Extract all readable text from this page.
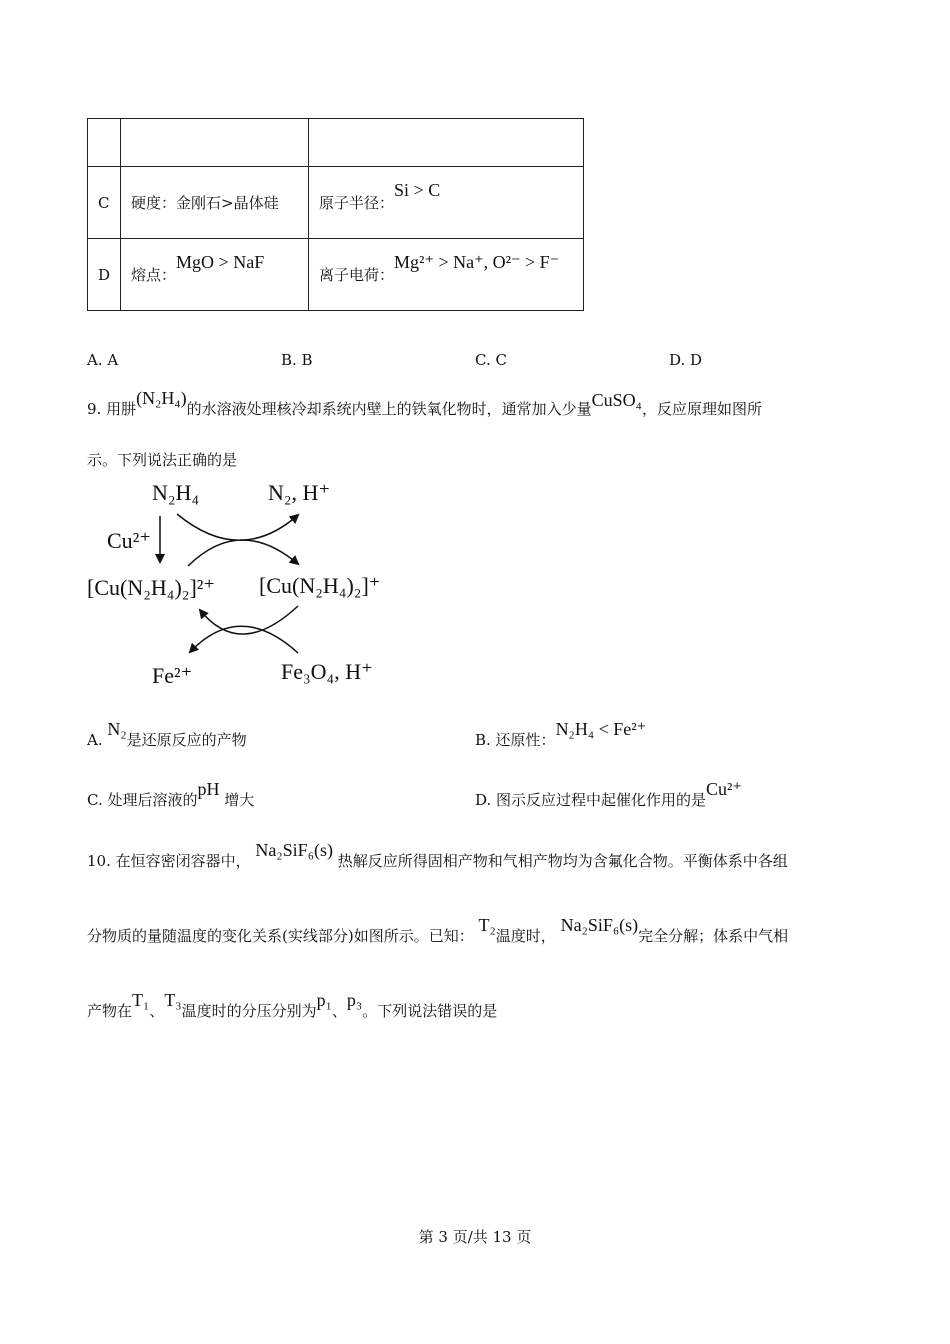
C	硬度：金刚石>晶体硅	原子半径：Si > C
D	熔点：MgO > NaF	离子电荷：Mg²⁺ > Na⁺, O²⁻ > F⁻
A. A	B. B	C. C	D. D
9. 用肼(N₂H₄)的水溶液处理核冷却系统内壁上的铁氧化物时，通常加入少量CuSO₄，反应原理如图所
示。下列说法正确的是
N₂H₄	N₂, H⁺
Cu²⁺
[Cu(N₂H₄)₂]²⁺ [Cu(N₂H₄)₂]⁺
Fe²⁺	Fe₃O₄, H⁺
A. N₂是还原反应的产物	B. 还原性：N₂H₄ < Fe²⁺
C. 处理后溶液的pH 增大	D. 图示反应过程中起催化作用的是Cu²⁺
10. 在恒容密闭容器中， Na₂SiF₆(s) 热解反应所得固相产物和气相产物均为含氟化合物。平衡体系中各组
分物质的量随温度的变化关系(实线部分)如图所示。已知： T₂温度时， Na₂SiF₆(s)完全分解；体系中气相
产物在T₁、T₃温度时的分压分别为p₁、p₃。下列说法错误的是
第 3 页/共 13 页
